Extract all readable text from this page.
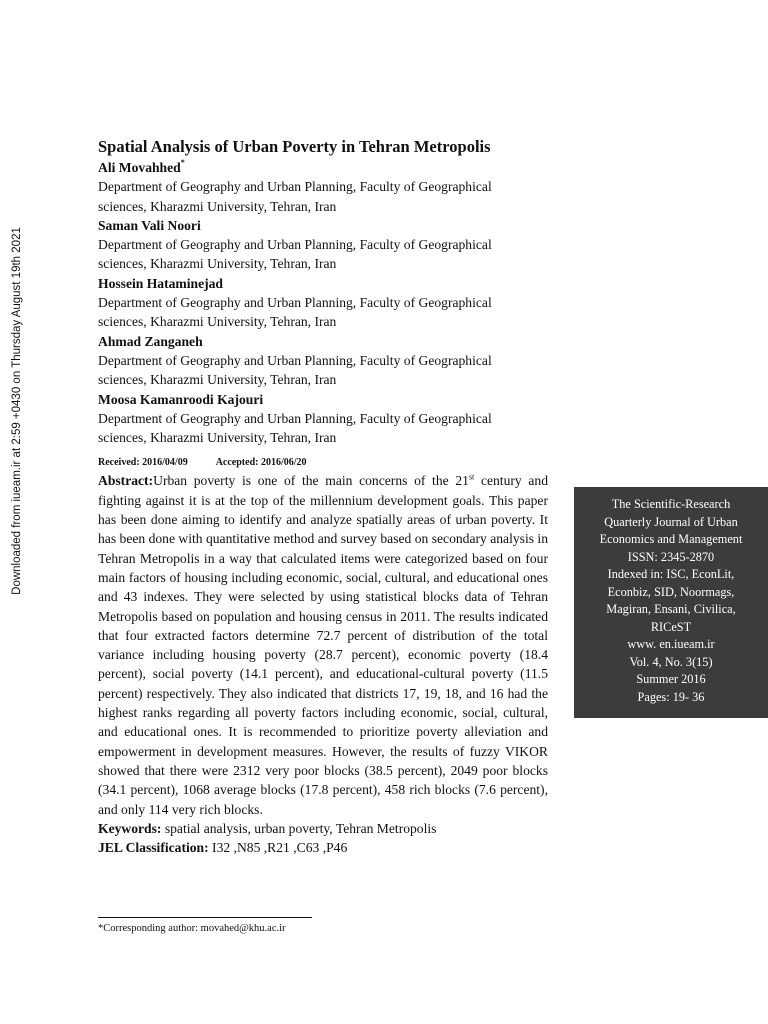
Downloaded from iueam.ir at 2:59 +0430 on Thursday August 19th 2021
Spatial Analysis of Urban Poverty in Tehran Metropolis
Ali Movahhed*
Department of Geography and Urban Planning, Faculty of Geographical
sciences, Kharazmi University, Tehran, Iran
Saman Vali Noori
Department of Geography and Urban Planning, Faculty of Geographical
sciences, Kharazmi University, Tehran, Iran
Hossein Hataminejad
Department of Geography and Urban Planning, Faculty of Geographical
sciences, Kharazmi University, Tehran, Iran
Ahmad Zanganeh
Department of Geography and Urban Planning, Faculty of Geographical
sciences, Kharazmi University, Tehran, Iran
Moosa Kamanroodi Kajouri
Department of Geography and Urban Planning, Faculty of Geographical
sciences, Kharazmi University, Tehran, Iran
Received: 2016/04/09	Accepted: 2016/06/20

Abstract:Urban poverty is one of the main concerns of the 21st century and fighting against it is at the top of the millennium development goals. This paper has been done aiming to identify and analyze spatially areas of urban poverty. It has been done with quantitative method and survey based on secondary analysis in Tehran Metropolis in a way that calculated items were categorized based on four main factors of housing including economic, social, cultural, and educational ones and 43 indexes. They were selected by using statistical blocks data of Tehran Metropolis based on population and housing census in 2011. The results indicated that four extracted factors determine 72.7 percent of distribution of the total variance including housing poverty (28.7 percent), economic poverty (18.4 percent), social poverty (14.1 percent), and educational-cultural poverty (11.5 percent) respectively. They also indicated that districts 17, 19, 18, and 16 had the highest ranks regarding all poverty factors including economic, social, cultural, and educational ones. It is recommended to prioritize poverty alleviation and empowerment in development measures. However, the results of fuzzy VIKOR showed that there were 2312 very poor blocks (38.5 percent), 2049 poor blocks (34.1 percent), 1068 average blocks (17.8 percent), 458 rich blocks (7.6 percent), and only 114 very rich blocks.

Keywords: spatial analysis, urban poverty, Tehran Metropolis

JEL Classification: I32 ,N85 ,R21 ,C63 ,P46

*Corresponding author: movahed@khu.ac.ir
The Scientific-Research
Quarterly Journal of Urban
Economics and Management
ISSN: 2345-2870
Indexed in: ISC, EconLit,
Econbiz, SID, Noormags,
Magiran, Ensani, Civilica,
RICeST
www. en.iueam.ir
Vol. 4, No. 3(15)
Summer 2016
Pages: 19- 36
